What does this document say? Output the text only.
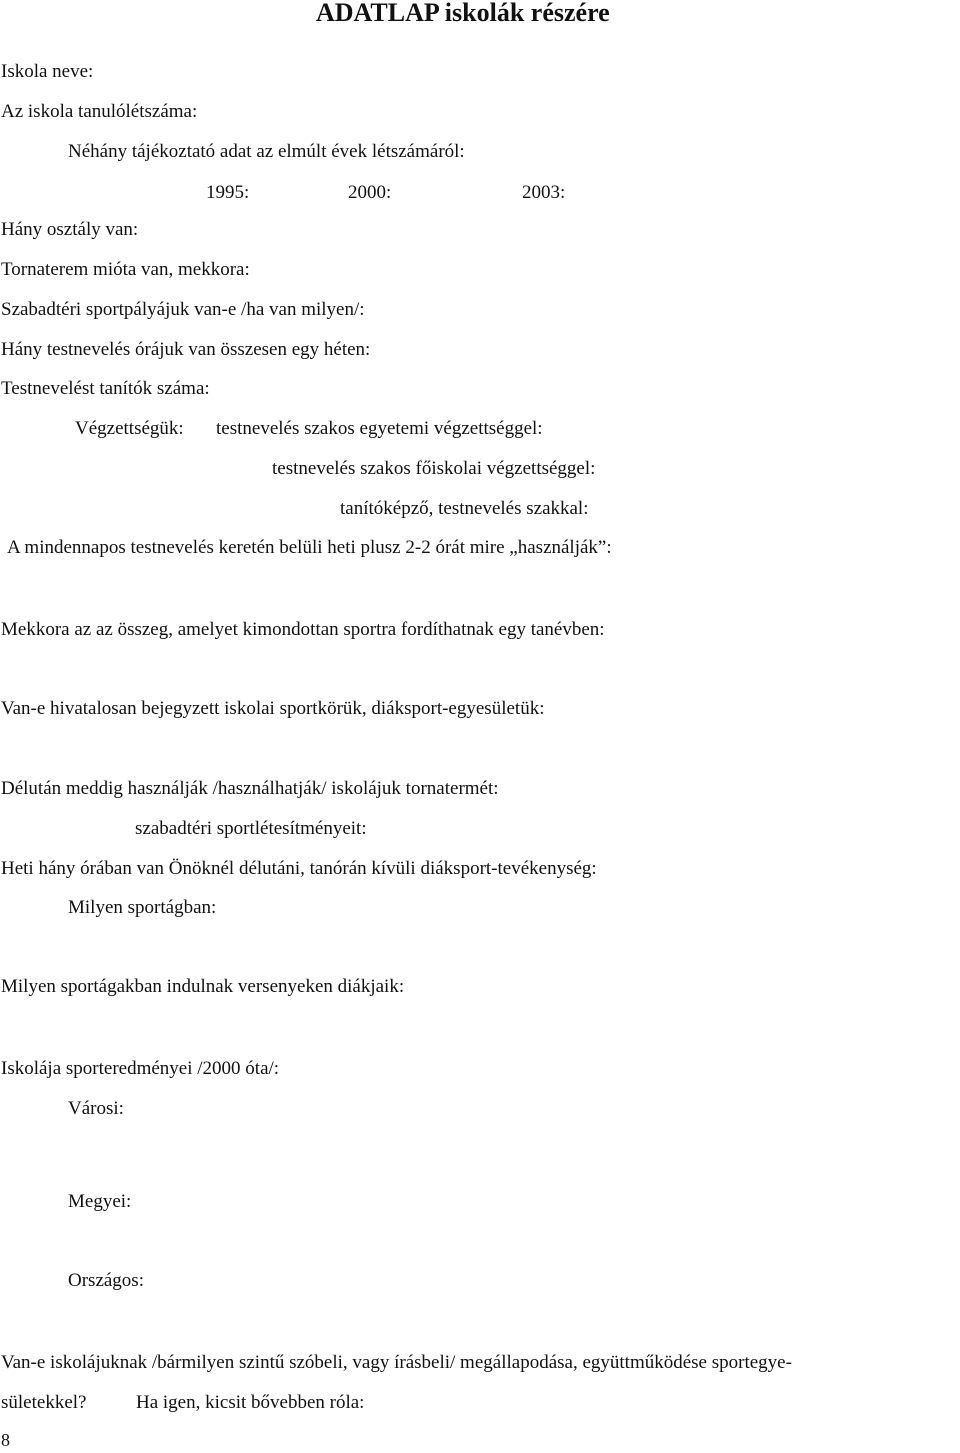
ADATLAP iskolák részére
Iskola neve:
Az iskola tanulólétszáma:
Néhány tájékoztató adat az elmúlt évek létszámáról:
1995:	2000:	2003:
Hány osztály van:
Tornaterem mióta van, mekkora:
Szabadtéri sportpályájuk van-e /ha van milyen/:
Hány testnevelés órájuk van összesen egy héten:
Testnevelést tanítók száma:
Végzettségük: testnevelés szakos egyetemi végzettséggel:
testnevelés szakos főiskolai végzettséggel:
tanítóképző, testnevelés szakkal:
A mindennapos testnevelés keretén belüli heti plusz 2-2 órát mire „használják”:
Mekkora az az összeg, amelyet kimondottan sportra fordíthatnak egy tanévben:
Van-e hivatalosan bejegyzett iskolai sportkörük, diáksport-egyesületük:
Délután meddig használják /használhatják/ iskolájuk tornatermét:
szabadtéri sportlétesítményeit:
Heti hány órában van Önöknél délutáni, tanórán kívüli diáksport-tevékenység:
Milyen sportágban:
Milyen sportágakban indulnak versenyeken diákjaik:
Iskolája sporteredményei /2000 óta/:
Városi:
Megyei:
Országos:
Van-e iskolájuknak /bármilyen szintű szóbeli, vagy írásbeli/ megállapodása, együttműködése sportegye-
sületekkel?	Ha igen, kicsit bővebben róla:
8
